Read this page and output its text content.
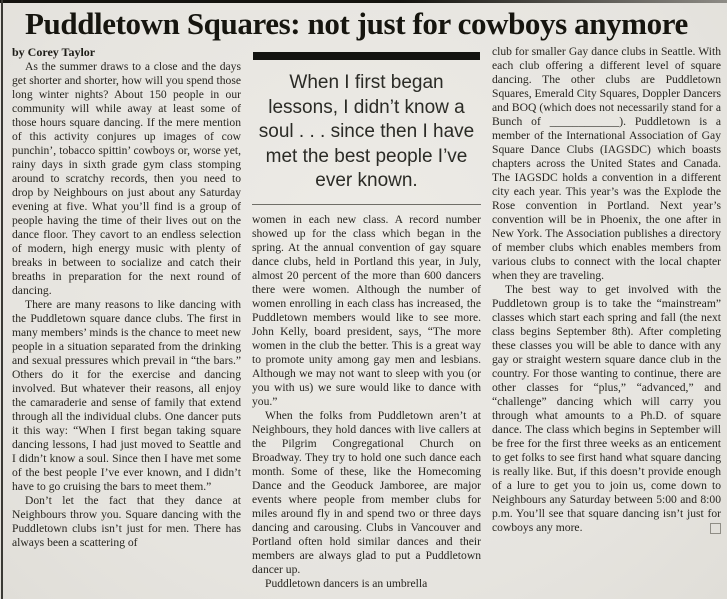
Puddletown Squares: not just for cowboys anymore

by Corey Taylor

As the summer draws to a close and the days get shorter and shorter, how will you spend those long winter nights? About 150 people in our community will while away at least some of those hours square dancing. If the mere mention of this activity conjures up images of cow punchin’, tobacco spittin’ cowboys or, worse yet, rainy days in sixth grade gym class stomping around to scratchy records, then you need to drop by Neighbours on just about any Saturday evening at five. What you’ll find is a group of people having the time of their lives out on the dance floor. They cavort to an endless selection of modern, high energy music with plenty of breaks in between to socialize and catch their breaths in preparation for the next round of dancing.

There are many reasons to like dancing with the Puddletown square dance clubs. The first in many members’ minds is the chance to meet new people in a situation separated from the drinking and sexual pressures which prevail in “the bars.” Others do it for the exercise and dancing involved. But whatever their reasons, all enjoy the camaraderie and sense of family that extend through all the individual clubs. One dancer puts it this way: “When I first began taking square dancing lessons, I had just moved to Seattle and I didn’t know a soul. Since then I have met some of the best people I’ve ever known, and I didn’t have to go cruising the bars to meet them.”

Don’t let the fact that they dance at Neighbours throw you. Square dancing with the Puddletown clubs isn’t just for men. There has always been a scattering of

When I first began lessons, I didn’t know a soul . . . since then I have met the best people I’ve ever known.

women in each new class. A record number showed up for the class which began in the spring. At the annual convention of gay square dance clubs, held in Portland this year, in July, almost 20 percent of the more than 600 dancers there were women. Although the number of women enrolling in each class has increased, the Puddletown members would like to see more. John Kelly, board president, says, “The more women in the club the better. This is a great way to promote unity among gay men and lesbians. Although we may not want to sleep with you (or you with us) we sure would like to dance with you.”

When the folks from Puddletown aren’t at Neighbours, they hold dances with live callers at the Pilgrim Congregational Church on Broadway. They try to hold one such dance each month. Some of these, like the Homecoming Dance and the Geoduck Jamboree, are major events where people from member clubs for miles around fly in and spend two or three days dancing and carousing. Clubs in Vancouver and Portland often hold similar dances and their members are always glad to put a Puddletown dancer up.

Puddletown dancers is an umbrella

club for smaller Gay dance clubs in Seattle. With each club offering a different level of square dancing. The other clubs are Puddletown Squares, Emerald City Squares, Doppler Dancers and BOQ (which does not necessarily stand for a Bunch of ____________). Puddletown is a member of the International Association of Gay Square Dance Clubs (IAGSDC) which boasts chapters across the United States and Canada. The IAGSDC holds a convention in a different city each year. This year’s was the Explode the Rose convention in Portland. Next year’s convention will be in Phoenix, the one after in New York. The Association publishes a directory of member clubs which enables members from various clubs to connect with the local chapter when they are traveling.

The best way to get involved with the Puddletown group is to take the “mainstream” classes which start each spring and fall (the next class begins September 8th). After completing these classes you will be able to dance with any gay or straight western square dance club in the country. For those wanting to continue, there are other classes for “plus,” “advanced,” and “challenge” dancing which will carry you through what amounts to a Ph.D. of square dance. The class which begins in September will be free for the first three weeks as an enticement to get folks to see first hand what square dancing is really like. But, if this doesn’t provide enough of a lure to get you to join us, come down to Neighbours any Saturday between 5:00 and 8:00 p.m. You’ll see that square dancing isn’t just for cowboys any more.
